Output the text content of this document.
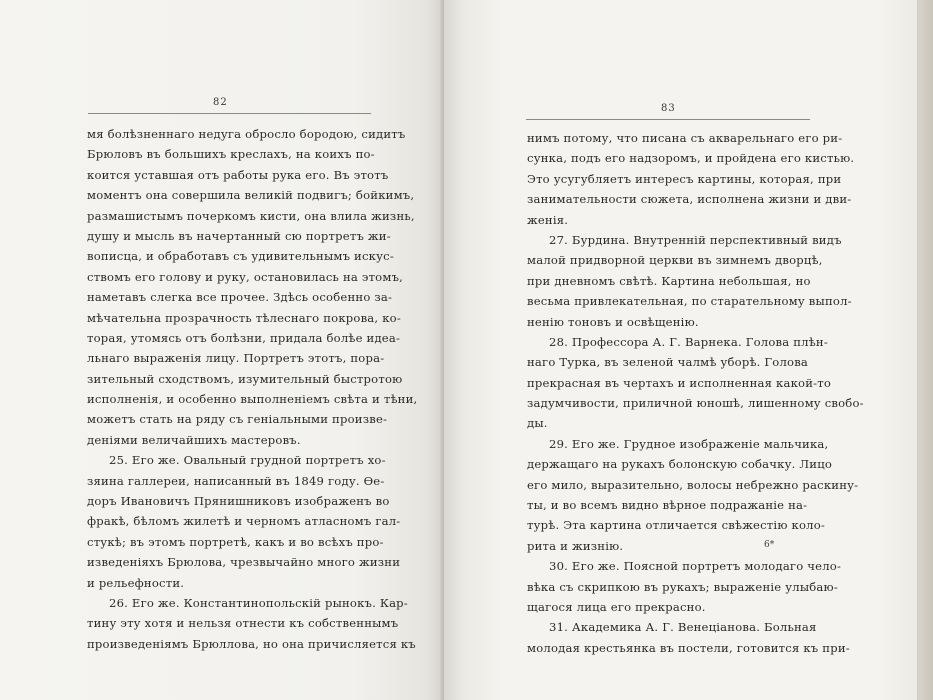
82
мя болѣзненнаго недуга обросло бородою, сидитъ
Брюловъ въ большихъ креслахъ, на коихъ по-
коится уставшая отъ работы рука его. Въ этотъ
моментъ она совершила великій подвигъ; бойкимъ,
размашистымъ почеркомъ кисти, она влила жизнь,
душу и мысль въ начертанный сю портретъ жи-
вописца, и обработавъ съ удивительнымъ искус-
ствомъ его голову и руку, остановилась на этомъ,
наметавъ слегка все прочее. Здѣсь особенно за-
мѣчательна прозрачность тѣлеснаго покрова, ко-
торая, утомясь отъ болѣзни, придала болѣе идеа-
льнаго выраженія лицу. Портретъ этотъ, пора-
зительный сходствомъ, изумительный быстротою
исполненія, и особенно выполненіемъ свѣта и тѣни,
можетъ стать на ряду съ геніальными произве-
деніями величайшихъ мастеровъ.
25. Его же. Овальный грудной портретъ хо-
зяина галлереи, написанный въ 1849 году. Ѳе-
доръ Ивановичъ Прянишниковъ изображенъ во
фракѣ, бѣломъ жилетѣ и черномъ атласномъ гал-
стукѣ; въ этомъ портретѣ, какъ и во всѣхъ про-
изведеніяхъ Брюлова, чрезвычайно много жизни
и рельефности.
26. Его же. Константинопольскій рынокъ. Кар-
тину эту хотя и нельзя отнести къ собственнымъ
произведеніямъ Брюллова, но она причисляется къ
83
нимъ потому, что писана съ акварельнаго его ри-
сунка, подъ его надзоромъ, и пройдена его кистью.
Это усугубляетъ интересъ картины, которая, при
занимательности сюжета, исполнена жизни и дви-
женія.
27. Бурдина. Внутренній перспективный видъ
малой придворной церкви въ зимнемъ дворцѣ,
при дневномъ свѣтѣ. Картина небольшая, но
весьма привлекательная, по старательному выпол-
ненію тоновъ и освѣщенію.
28. Профессора А. Г. Варнека. Голова плѣн-
наго Турка, въ зеленой чалмѣ уборѣ. Голова
прекрасная въ чертахъ и исполненная какой-то
задумчивости, приличной юношѣ, лишенному свобо-
ды.
29. Его же. Грудное изображеніе мальчика,
держащаго на рукахъ болонскую собачку. Лицо
его мило, выразительно, волосы небрежно раскину-
ты, и во всемъ видно вѣрное подражаніе на-
турѣ. Эта картина отличается свѣжестію коло-
рита и жизнію.
30. Его же. Поясной портретъ молодаго чело-
вѣка съ скрипкою въ рукахъ; выраженіе улыбаю-
щагося лица его прекрасно.
31. Академика А. Г. Венеціанова. Больная
молодая крестьянка въ постели, готовится къ при-
6*
